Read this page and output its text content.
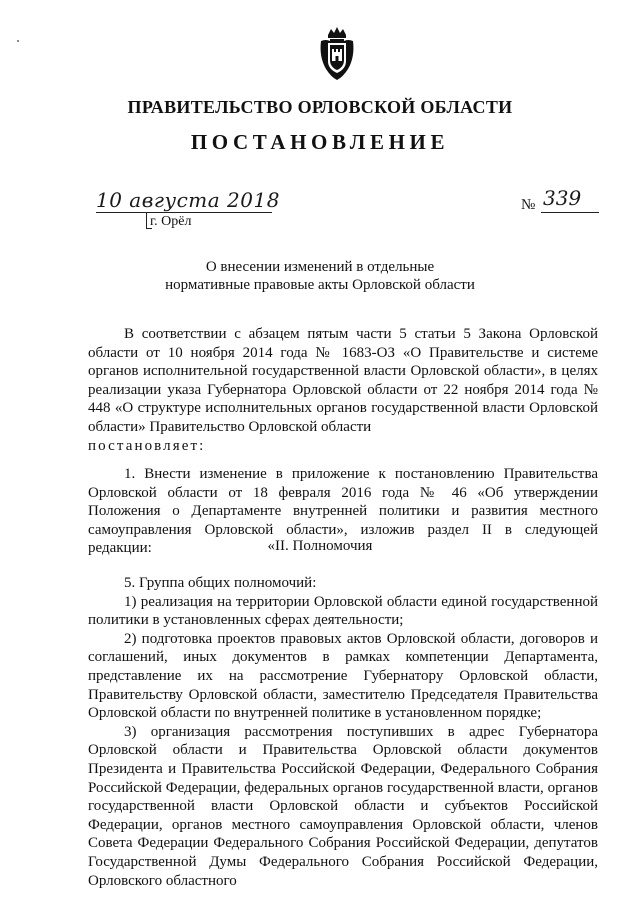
ПРАВИТЕЛЬСТВО ОРЛОВСКОЙ ОБЛАСТИ
ПОСТАНОВЛЕНИЕ
10 августа 2018
г. Орёл
№ 339
О внесении изменений в отдельные
нормативные правовые акты Орловской области

В соответствии с абзацем пятым части 5 статьи 5 Закона Орловской области от 10 ноября 2014 года № 1683-ОЗ «О Правительстве и системе органов исполнительной государственной власти Орловской области», в целях реализации указа Губернатора Орловской области от 22 ноября 2014 года № 448 «О структуре исполнительных органов государственной власти Орловской области» Правительство Орловской области

постановляет:

1. Внести изменение в приложение к постановлению Правительства Орловской области от 18 февраля 2016 года № 46 «Об утверждении Положения о Департаменте внутренней политики и развития местного самоуправления Орловской области», изложив раздел II в следующей редакции:	«II. Полномочия

5. Группа общих полномочий:

1) реализация на территории Орловской области единой государственной политики в установленных сферах деятельности;

2) подготовка проектов правовых актов Орловской области, договоров и соглашений, иных документов в рамках компетенции Департамента, представление их на рассмотрение Губернатору Орловской области, Правительству Орловской области, заместителю Председателя Правительства Орловской области по внутренней политике в установленном порядке;

3) организация рассмотрения поступивших в адрес Губернатора Орловской области и Правительства Орловской области документов Президента и Правительства Российской Федерации, Федерального Собрания Российской Федерации, федеральных органов государственной власти, органов государственной власти Орловской области и субъектов Российской Федерации, органов местного самоуправления Орловской области, членов Совета Федерации Федерального Собрания Российской Федерации, депутатов Государственной Думы Федерального Собрания Российской Федерации, Орловского областного
